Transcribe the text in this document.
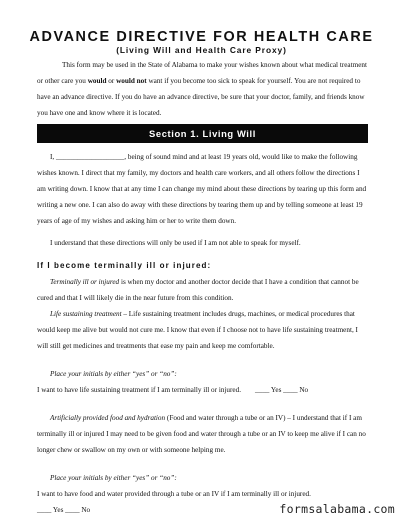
ADVANCE DIRECTIVE FOR HEALTH CARE
(Living Will and Health Care Proxy)

This form may be used in the State of Alabama to make your wishes known about what medical treatment or other care you would or would not want if you become too sick to speak for yourself. You are not required to have an advance directive. If you do have an advance directive, be sure that your doctor, family, and friends know you have one and know where it is located.

Section 1. Living Will

I, ___________________, being of sound mind and at least 19 years old, would like to make the following wishes known. I direct that my family, my doctors and health care workers, and all others follow the directions I am writing down. I know that at any time I can change my mind about these directions by tearing up this form and writing a new one. I can also do away with these directions by tearing them up and by telling someone at least 19 years of age of my wishes and asking him or her to write them down.

I understand that these directions will only be used if I am not able to speak for myself.

If I become terminally ill or injured:

Terminally ill or injured is when my doctor and another doctor decide that I have a condition that cannot be cured and that I will likely die in the near future from this condition.

Life sustaining treatment – Life sustaining treatment includes drugs, machines, or medical procedures that would keep me alive but would not cure me. I know that even if I choose not to have life sustaining treatment, I will still get medicines and treatments that ease my pain and keep me comfortable.

Place your initials by either “yes” or “no”:

I want to have life sustaining treatment if I am terminally ill or injured. ____ Yes ____ No

Artificially provided food and hydration (Food and water through a tube or an IV) – I understand that if I am terminally ill or injured I may need to be given food and water through a tube or an IV to keep me alive if I can no longer chew or swallow on my own or with someone helping me.

Place your initials by either “yes” or “no”:

I want to have food and water provided through a tube or an IV if I am terminally ill or injured.

____ Yes ____ No	formsalabama.com
